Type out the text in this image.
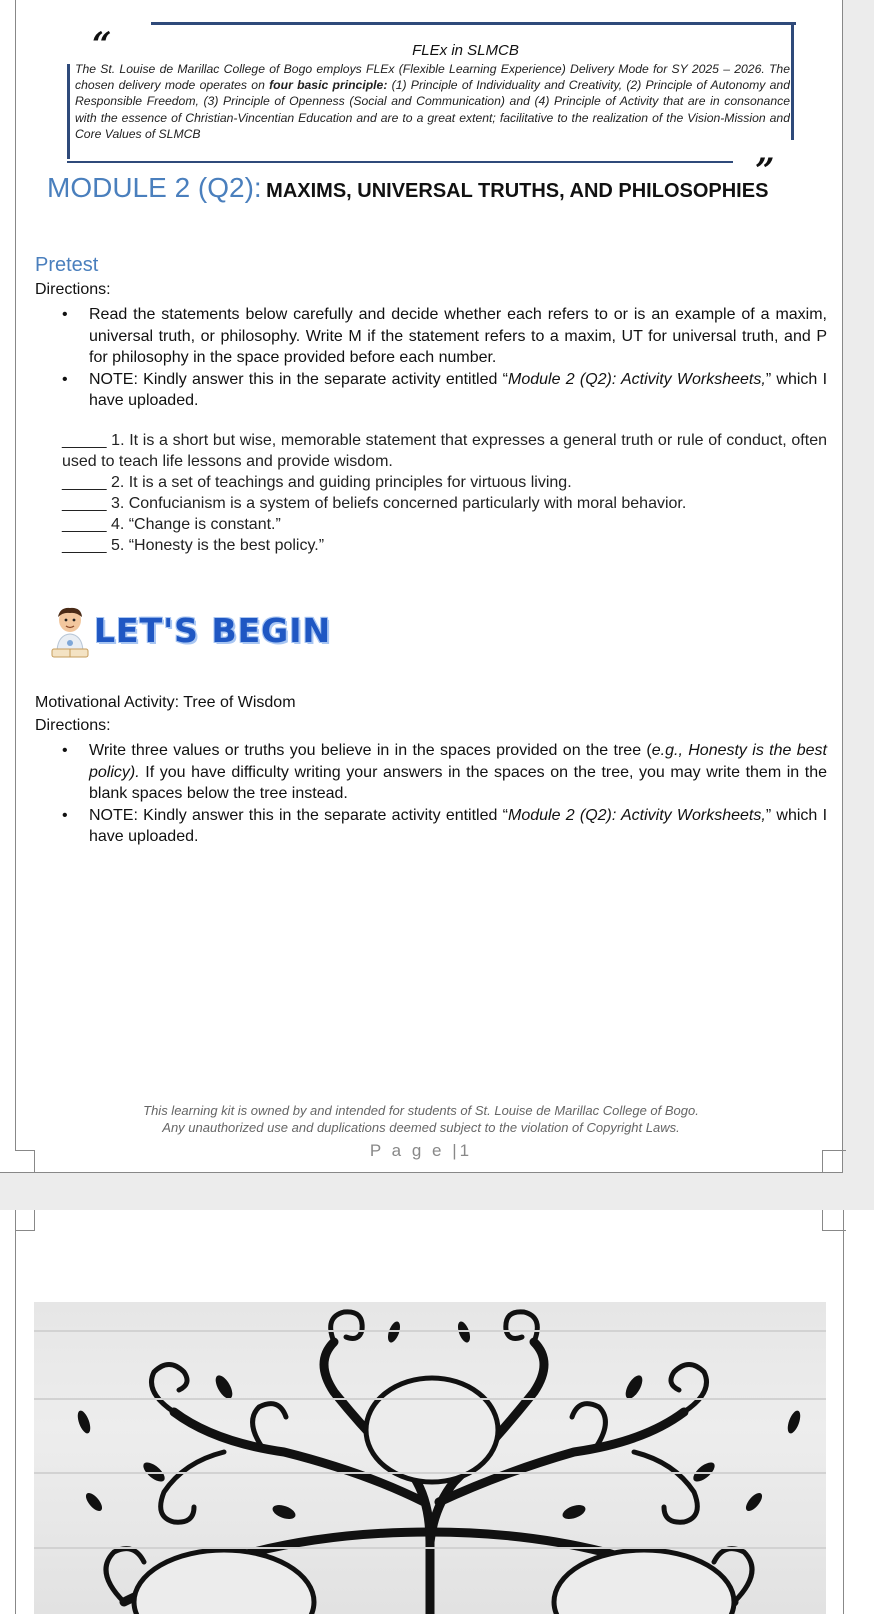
“
”
FLEx in SLMCB
The St. Louise de Marillac College of Bogo employs FLEx (Flexible Learning Experience) Delivery Mode for SY 2025 – 2026. The chosen delivery mode operates on four basic principle: (1) Principle of Individuality and Creativity, (2) Principle of Autonomy and Responsible Freedom, (3) Principle of Openness (Social and Communication) and (4) Principle of Activity that are in consonance with the essence of Christian-Vincentian Education and are to a great extent; facilitative to the realization of the Vision-Mission and Core Values of SLMCB
MODULE 2 (Q2): MAXIMS, UNIVERSAL TRUTHS, AND PHILOSOPHIES
Pretest
Directions:
• Read the statements below carefully and decide whether each refers to or is an example of a maxim, universal truth, or philosophy. Write M if the statement refers to a maxim, UT for universal truth, and P for philosophy in the space provided before each number.
• NOTE: Kindly answer this in the separate activity entitled “Module 2 (Q2): Activity Worksheets,” which I have uploaded.
_____ 1. It is a short but wise, memorable statement that expresses a general truth or rule of conduct, often used to teach life lessons and provide wisdom.
_____ 2. It is a set of teachings and guiding principles for virtuous living.
_____ 3. Confucianism is a system of beliefs concerned particularly with moral behavior.
_____ 4. “Change is constant.”
_____ 5. “Honesty is the best policy.”
LET'S BEGIN
Motivational Activity: Tree of Wisdom
Directions:
• Write three values or truths you believe in in the spaces provided on the tree (e.g., Honesty is the best policy). If you have difficulty writing your answers in the spaces on the tree, you may write them in the blank spaces below the tree instead.
• NOTE: Kindly answer this in the separate activity entitled “Module 2 (Q2): Activity Worksheets,” which I have uploaded.
This learning kit is owned by and intended for students of St. Louise de Marillac College of Bogo.
Any unauthorized use and duplications deemed subject to the violation of Copyright Laws.
P a g e |1
